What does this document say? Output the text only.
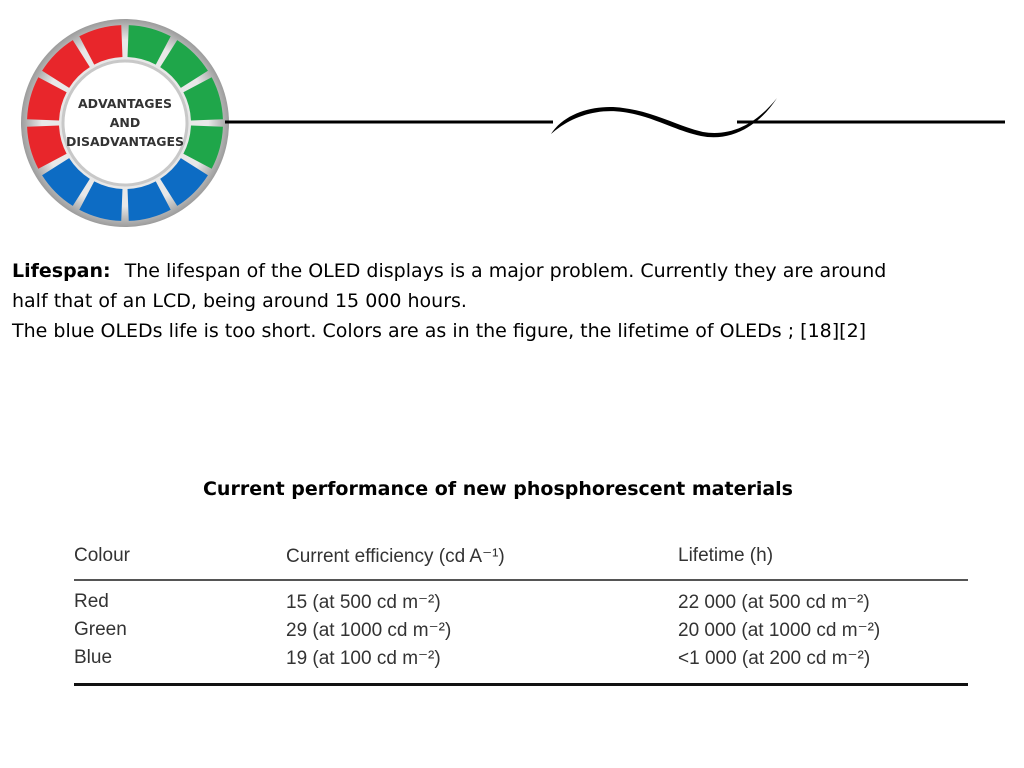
ADVANTAGES
AND
DISADVANTAGES

Lifespan: The lifespan of the OLED displays is a major problem. Currently they are around

half that of an LCD, being around 15 000 hours.

The blue OLEDs life is too short. Colors are as in the figure, the lifetime of OLEDs ; [18][2]

Current performance of new phosphorescent materials
Colour	Current efficiency (cd A⁻¹)	Lifetime (h)
Red	15 (at 500 cd m⁻²)	22 000 (at 500 cd m⁻²)
Green	29 (at 1000 cd m⁻²)	20 000 (at 1000 cd m⁻²)
Blue	19 (at 100 cd m⁻²)	<1 000 (at 200 cd m⁻²)
